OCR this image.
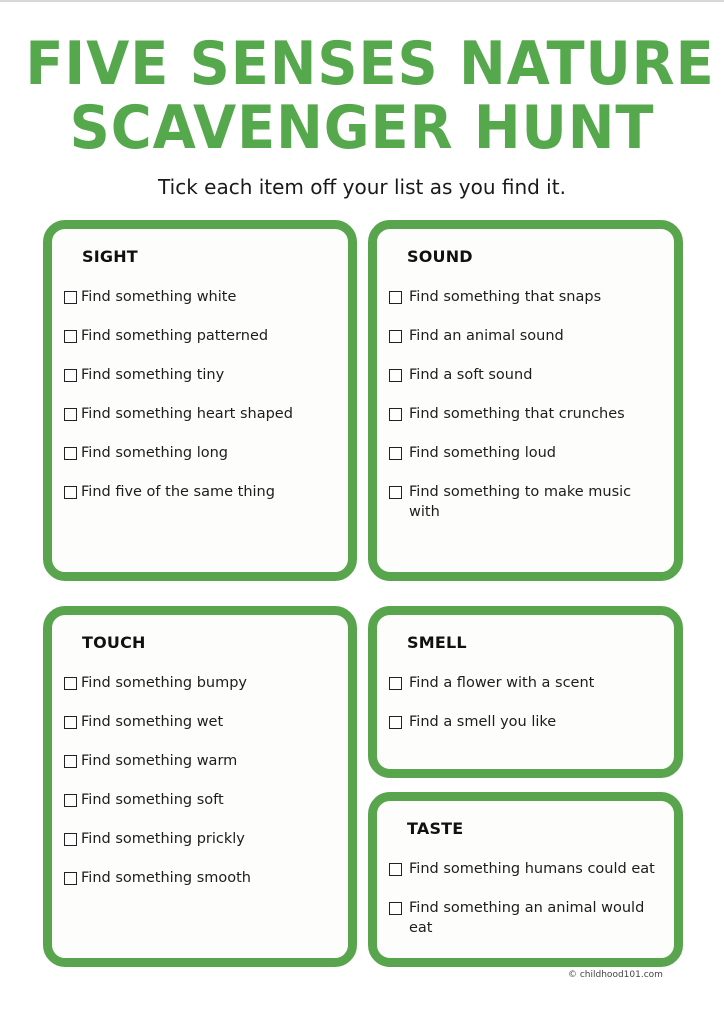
FIVE SENSES NATURE
SCAVENGER HUNT
Tick each item off your list as you find it.
SIGHT
Find something white
Find something patterned
Find something tiny
Find something heart shaped
Find something long
Find five of the same thing
SOUND
Find something that snaps
Find an animal sound
Find a soft sound
Find something that crunches
Find something loud
Find something to make music with
TOUCH
Find something bumpy
Find something wet
Find something warm
Find something soft
Find something prickly
Find something smooth
SMELL
Find a flower with a scent
Find a smell you like
TASTE
Find something humans could eat
Find something an animal would eat
© childhood101.com
